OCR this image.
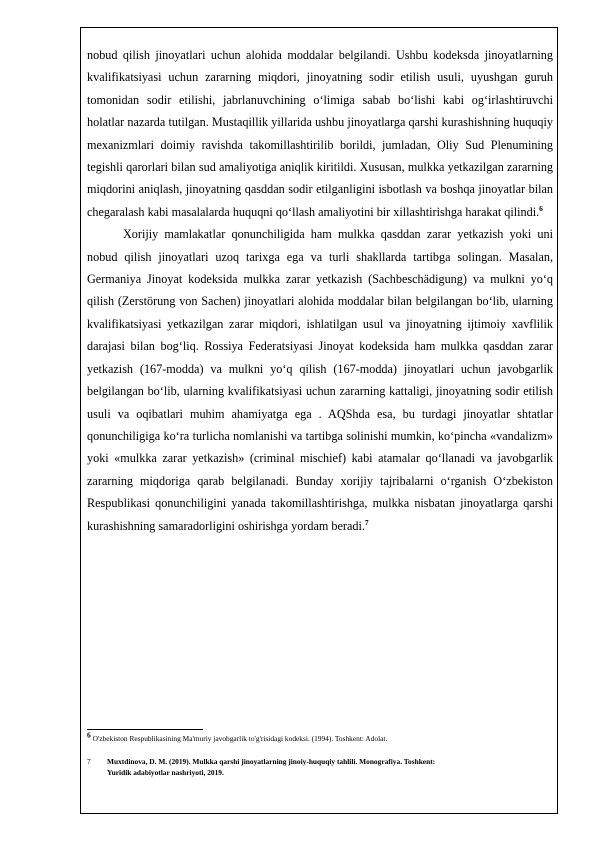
nobud qilish jinoyatlari uchun alohida moddalar belgilandi. Ushbu kodeksda jinoyatlarning kvalifikatsiyasi uchun zararning miqdori, jinoyatning sodir etilish usuli, uyushgan guruh tomonidan sodir etilishi, jabrlanuvchining o‘limiga sabab bo‘lishi kabi og‘irlashtiruvchi holatlar nazarda tutilgan. Mustaqillik yillarida ushbu jinoyatlarga qarshi kurashishning huquqiy mexanizmlari doimiy ravishda takomillashtirilib borildi, jumladan, Oliy Sud Plenumining tegishli qarorlari bilan sud amaliyotiga aniqlik kiritildi. Xususan, mulkka yetkazilgan zararning miqdorini aniqlash, jinoyatning qasddan sodir etilganligini isbotlash va boshqa jinoyatlar bilan chegaralash kabi masalalarda huquqni qo‘llash amaliyotini bir xillashtirishga harakat qilindi.$^6$

Xorijiy mamlakatlar qonunchiligida ham mulkka qasddan zarar yetkazish yoki uni nobud qilish jinoyatlari uzoq tarixga ega va turli shakllarda tartibga solingan. Masalan, Germaniya Jinoyat kodeksida mulkka zarar yetkazish (Sachbeschädigung) va mulkni yo‘q qilish (Zerstörung von Sachen) jinoyatlari alohida moddalar bilan belgilangan bo‘lib, ularning kvalifikatsiyasi yetkazilgan zarar miqdori, ishlatilgan usul va jinoyatning ijtimoiy xavflilik darajasi bilan bog‘liq. Rossiya Federatsiyasi Jinoyat kodeksida ham mulkka qasddan zarar yetkazish (167-modda) va mulkni yo‘q qilish (167-modda) jinoyatlari uchun javobgarlik belgilangan bo‘lib, ularning kvalifikatsiyasi uchun zararning kattaligi, jinoyatning sodir etilish usuli va oqibatlari muhim ahamiyatga ega . AQShda esa, bu turdagi jinoyatlar shtatlar qonunchiligiga ko‘ra turlicha nomlanishi va tartibga solinishi mumkin, ko‘pincha «vandalizm» yoki «mulkka zarar yetkazish» (criminal mischief) kabi atamalar qo‘llanadi va javobgarlik zararning miqdoriga qarab belgilanadi. Bunday xorijiy tajribalarni o‘rganish O‘zbekiston Respublikasi qonunchiligini yanada takomillashtirishga, mulkka nisbatan jinoyatlarga qarshi kurashishning samaradorligini oshirishga yordam beradi.$^7$

$^6$ O'zbekiston Respublikasining Ma'muriy javobgarlik to'g'risidagi kodeksi. (1994). Toshkent: Adolat.
7 Muxtdinova, D. M. (2019). Mulkka qarshi jinoyatlarning jinoiy-huquqiy tahlili. Monografiya. Toshkent:
Yuridik adabiyotlar nashriyoti, 2019.
